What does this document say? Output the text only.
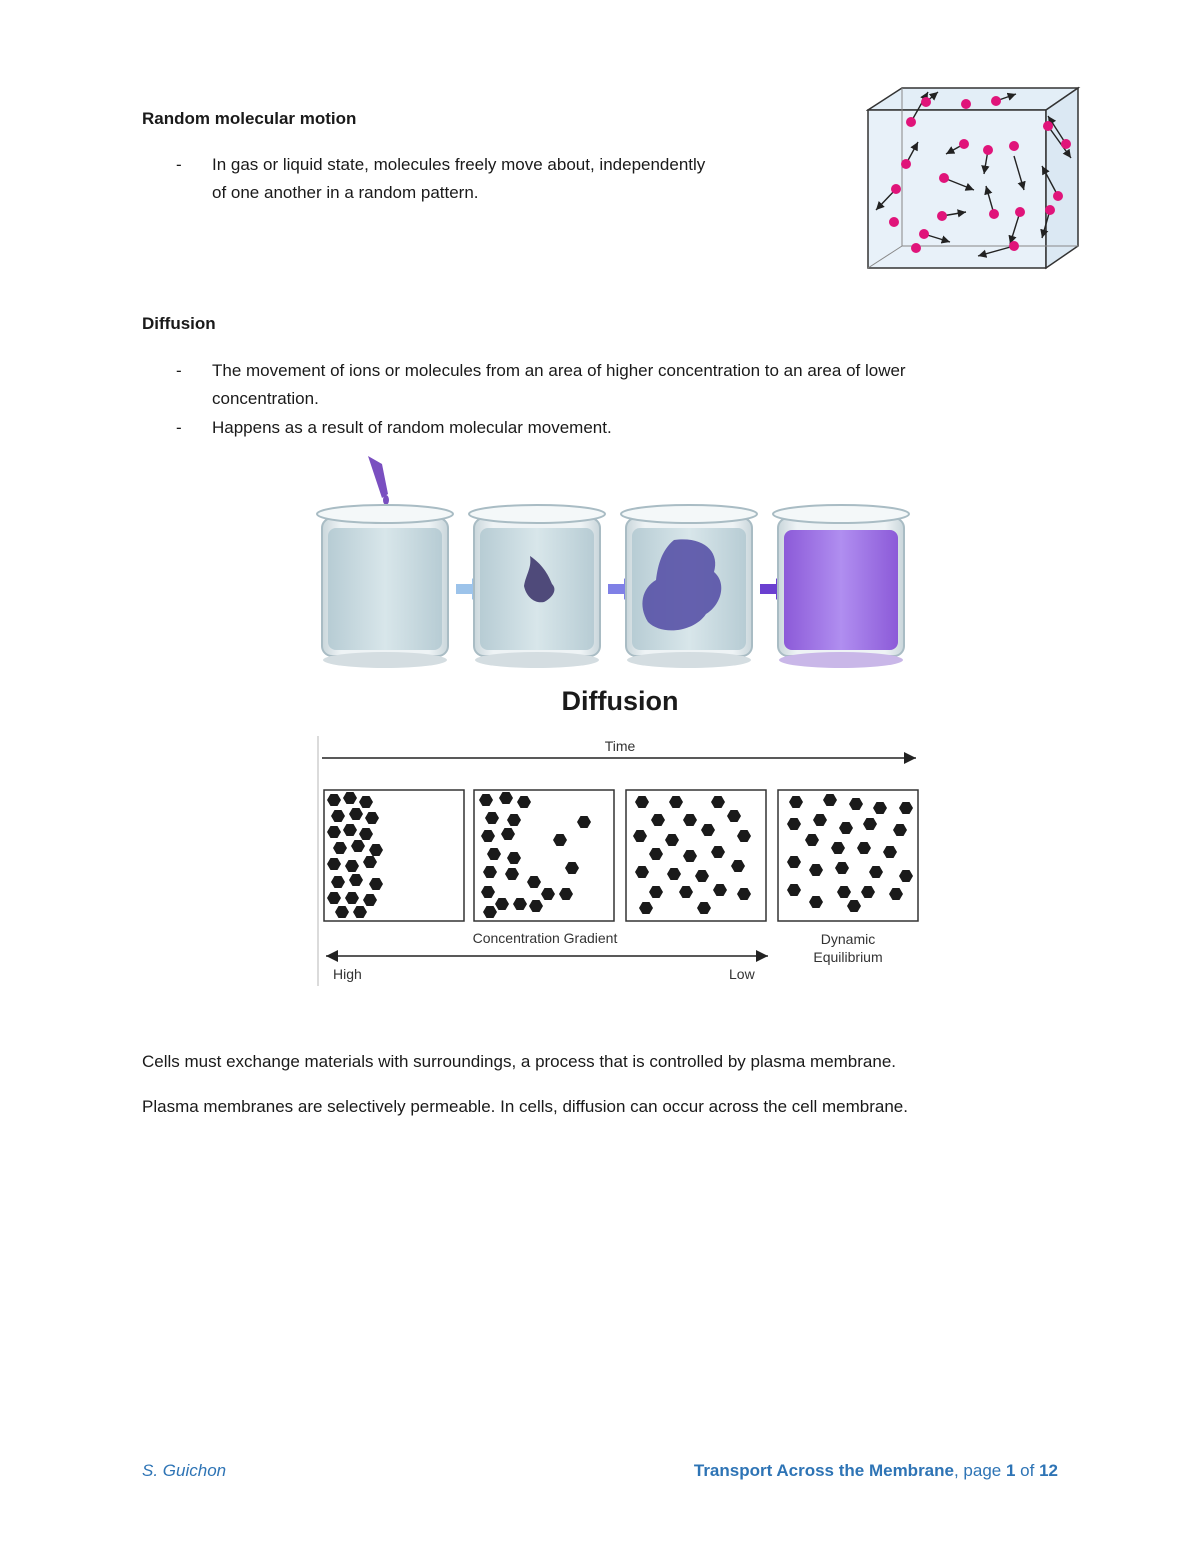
Random molecular motion
- In gas or liquid state, molecules freely move about, independently
of one another in a random pattern.
Diffusion
- The movement of ions or molecules from an area of higher concentration to an area of lower
concentration.
- Happens as a result of random molecular movement.
Diffusion
Time
Concentration Gradient
High	Low
Dynamic
Equilibrium
Cells must exchange materials with surroundings, a process that is controlled by plasma membrane.
Plasma membranes are selectively permeable. In cells, diffusion can occur across the cell membrane.
S. Guichon	Transport Across the Membrane, page 1 of 12
